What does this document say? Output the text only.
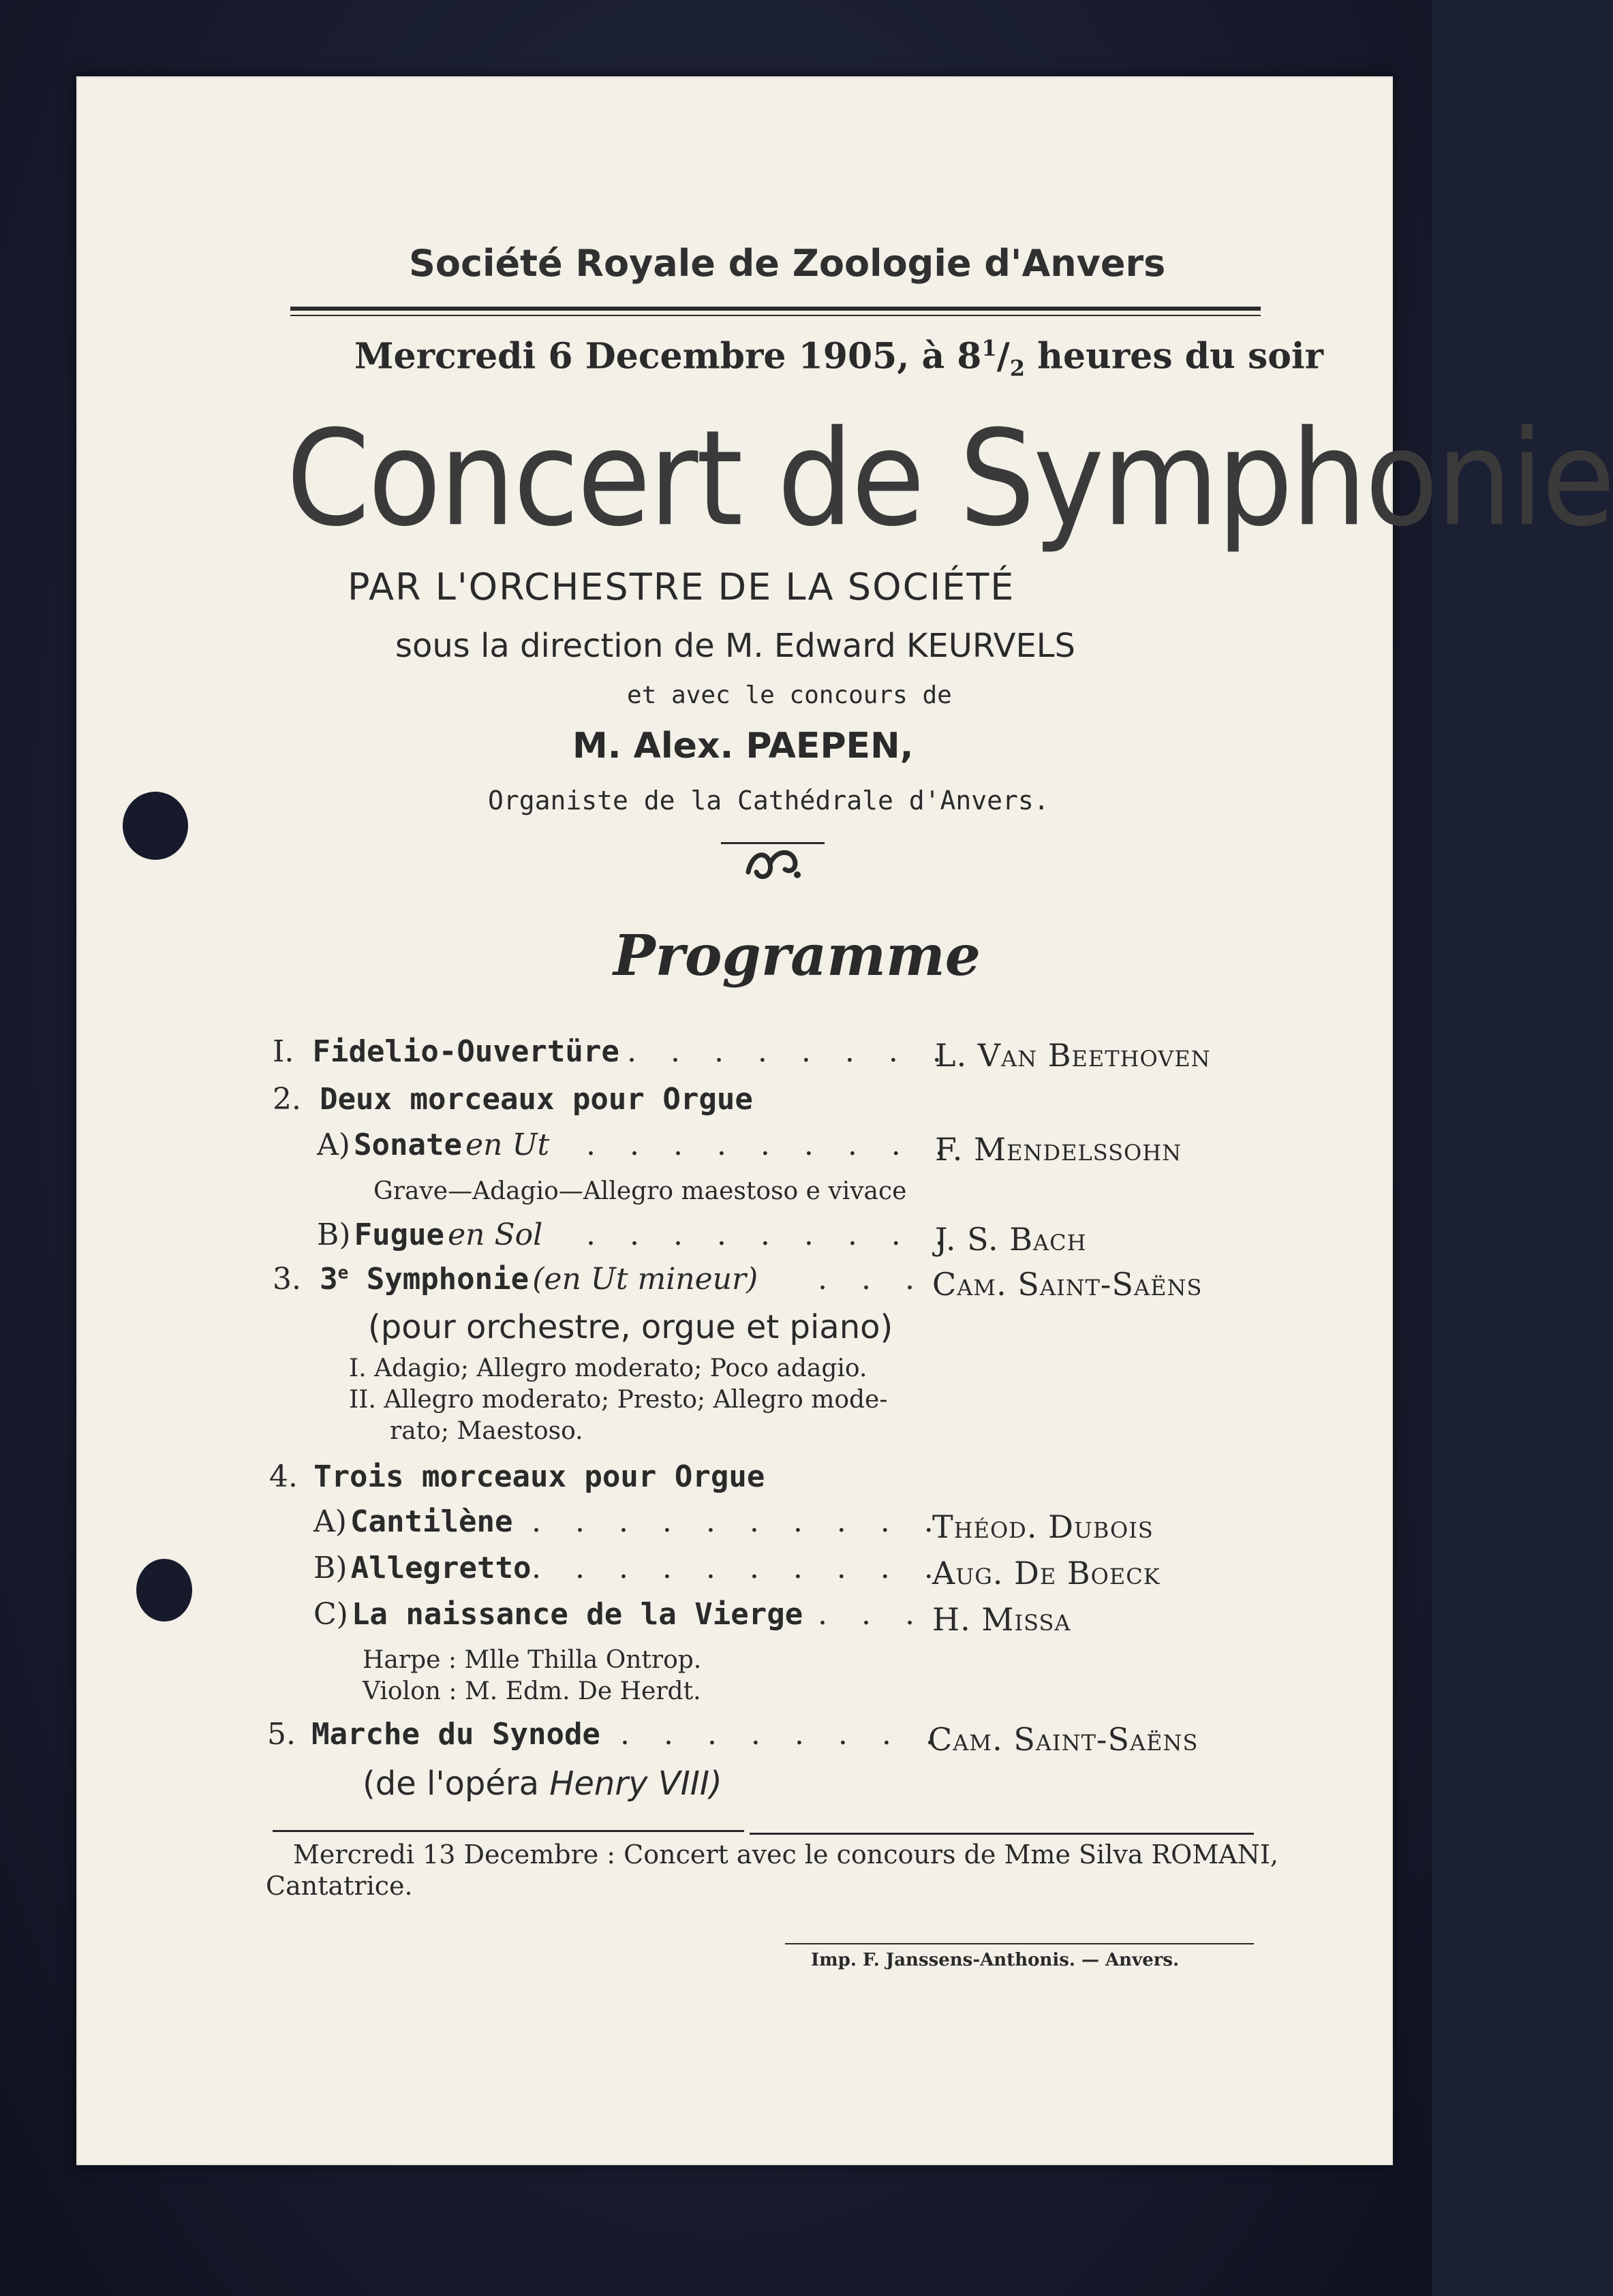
Société Royale de Zoologie d'Anvers
Mercredi 6 Decembre 1905, à $8^1/_2$ heures du soir
Concert de Symphonie
PAR L'ORCHESTRE DE LA SOCIÉTÉ
sous la direction de M. Edward KEURVELS
et avec le concours de
M. Alex. PAEPEN,
Organiste de la Cathédrale d'Anvers.
Programme
I. Fidelio-Ouvertüre . . . . . . . .
L. Van Beethoven
2. Deux morceaux pour Orgue
A) Sonate en Ut . . . . . . . . .
F. Mendelssohn
Grave—Adagio—Allegro maestoso e vivace
B) Fugue en Sol . . . . . . . . .
J. S. Bach
3. 3e Symphonie (en Ut mineur) . . . Cam. Saint-Saëns
(pour orchestre, orgue et piano)
I. Adagio; Allegro moderato; Poco adagio.
II. Allegro moderato; Presto; Allegro mode-
rato; Maestoso.
4. Trois morceaux pour Orgue
A) Cantilène . . . . . . . . . .
Théod. Dubois
B) Allegretto . . . . . . . . . .
Aug. De Boeck
C) La naissance de la Vierge . . . H. Missa
Harpe : Mlle Thilla Ontrop.
Violon : M. Edm. De Herdt.
5. Marche du Synode . . . . . . . .
Cam. Saint-Saëns
(de l'opéra Henry VIII)
Mercredi 13 Decembre : Concert avec le concours de Mme Silva ROMANI,
Cantatrice.
Imp. F. Janssens-Anthonis. — Anvers.
